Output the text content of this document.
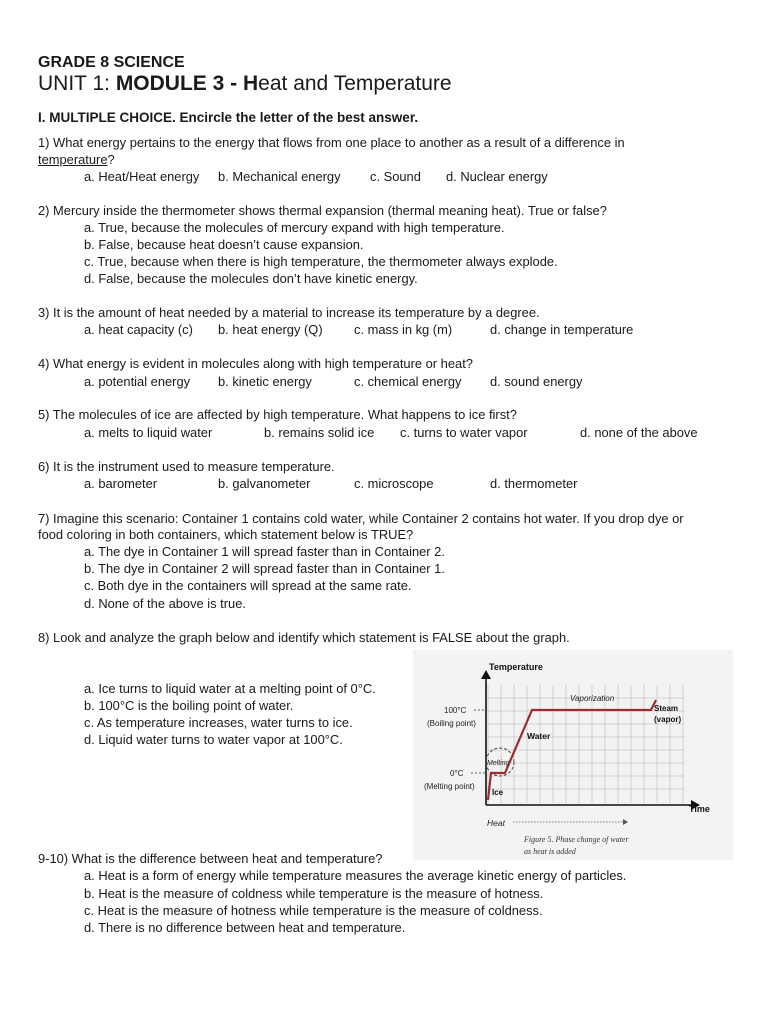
GRADE 8 SCIENCE
UNIT 1: MODULE 3 - Heat and Temperature
I. MULTIPLE CHOICE. Encircle the letter of the best answer.
1) What energy pertains to the energy that flows from one place to another as a result of a difference in
temperature?
a. Heat/Heat energy b. Mechanical energy c. Sound d. Nuclear energy
2) Mercury inside the thermometer shows thermal expansion (thermal meaning heat). True or false?
a. True, because the molecules of mercury expand with high temperature.
b. False, because heat doesn’t cause expansion.
c. True, because when there is high temperature, the thermometer always explode.
d. False, because the molecules don’t have kinetic energy.
3) It is the amount of heat needed by a material to increase its temperature by a degree.
a. heat capacity (c) b. heat energy (Q) c. mass in kg (m)	d. change in temperature
4) What energy is evident in molecules along with high temperature or heat?
a. potential energy b. kinetic energy	c. chemical energy d. sound energy
5) The molecules of ice are affected by high temperature. What happens to ice first?
a. melts to liquid water	b. remains solid ice c. turns to water vapor	d. none of the above
6) It is the instrument used to measure temperature.
a. barometer	b. galvanometer	c. microscope	d. thermometer
7) Imagine this scenario: Container 1 contains cold water, while Container 2 contains hot water. If you drop dye or
food coloring in both containers, which statement below is TRUE?
a. The dye in Container 1 will spread faster than in Container 2.
b. The dye in Container 2 will spread faster than in Container 1.
c. Both dye in the containers will spread at the same rate.
d. None of the above is true.
8) Look and analyze the graph below and identify which statement is FALSE about the graph.
a. Ice turns to liquid water at a melting point of 0°C.
b. 100°C is the boiling point of water.
c. As temperature increases, water turns to ice.
d. Liquid water turns to water vapor at 100°C.
Temperature
Time
100°C
(Boiling point)
0°C
(Melting point)
Ice
Melting
Water
Vaporization
Steam
(vapor)
Heat
Figure 5. Phase change of water
as heat is added
9-10) What is the difference between heat and temperature?
a. Heat is a form of energy while temperature measures the average kinetic energy of particles.
b. Heat is the measure of coldness while temperature is the measure of hotness.
c. Heat is the measure of hotness while temperature is the measure of coldness.
d. There is no difference between heat and temperature.
